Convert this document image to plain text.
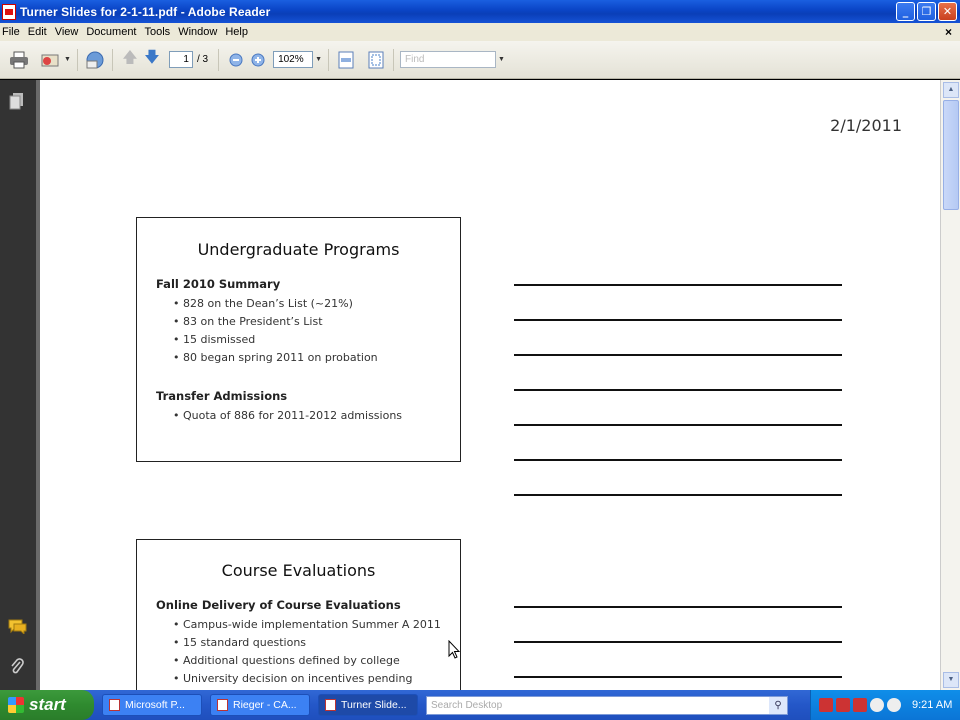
Turner Slides for 2-1-11.pdf - Adobe Reader	_	❐	✕
File Edit View Document Tools Window Help	×
▼	🡅 🡇	1 / 3	102%	▼	Find	▼
2/1/2011
Undergraduate Programs
Fall 2010 Summary
• 828 on the Dean’s List (~21%)
• 83 on the President’s List
• 15 dismissed
• 80 began spring 2011 on probation
Transfer Admissions
• Quota of 886 for 2011-2012 admissions
Course Evaluations
Online Delivery of Course Evaluations
• Campus-wide implementation Summer A 2011
• 15 standard questions
• Additional questions defined by college
• University decision on incentives pending
▲
▼
start	Microsoft P...	Rieger - CA...	Turner Slide...	Search Desktop	⚲	9:21 AM
